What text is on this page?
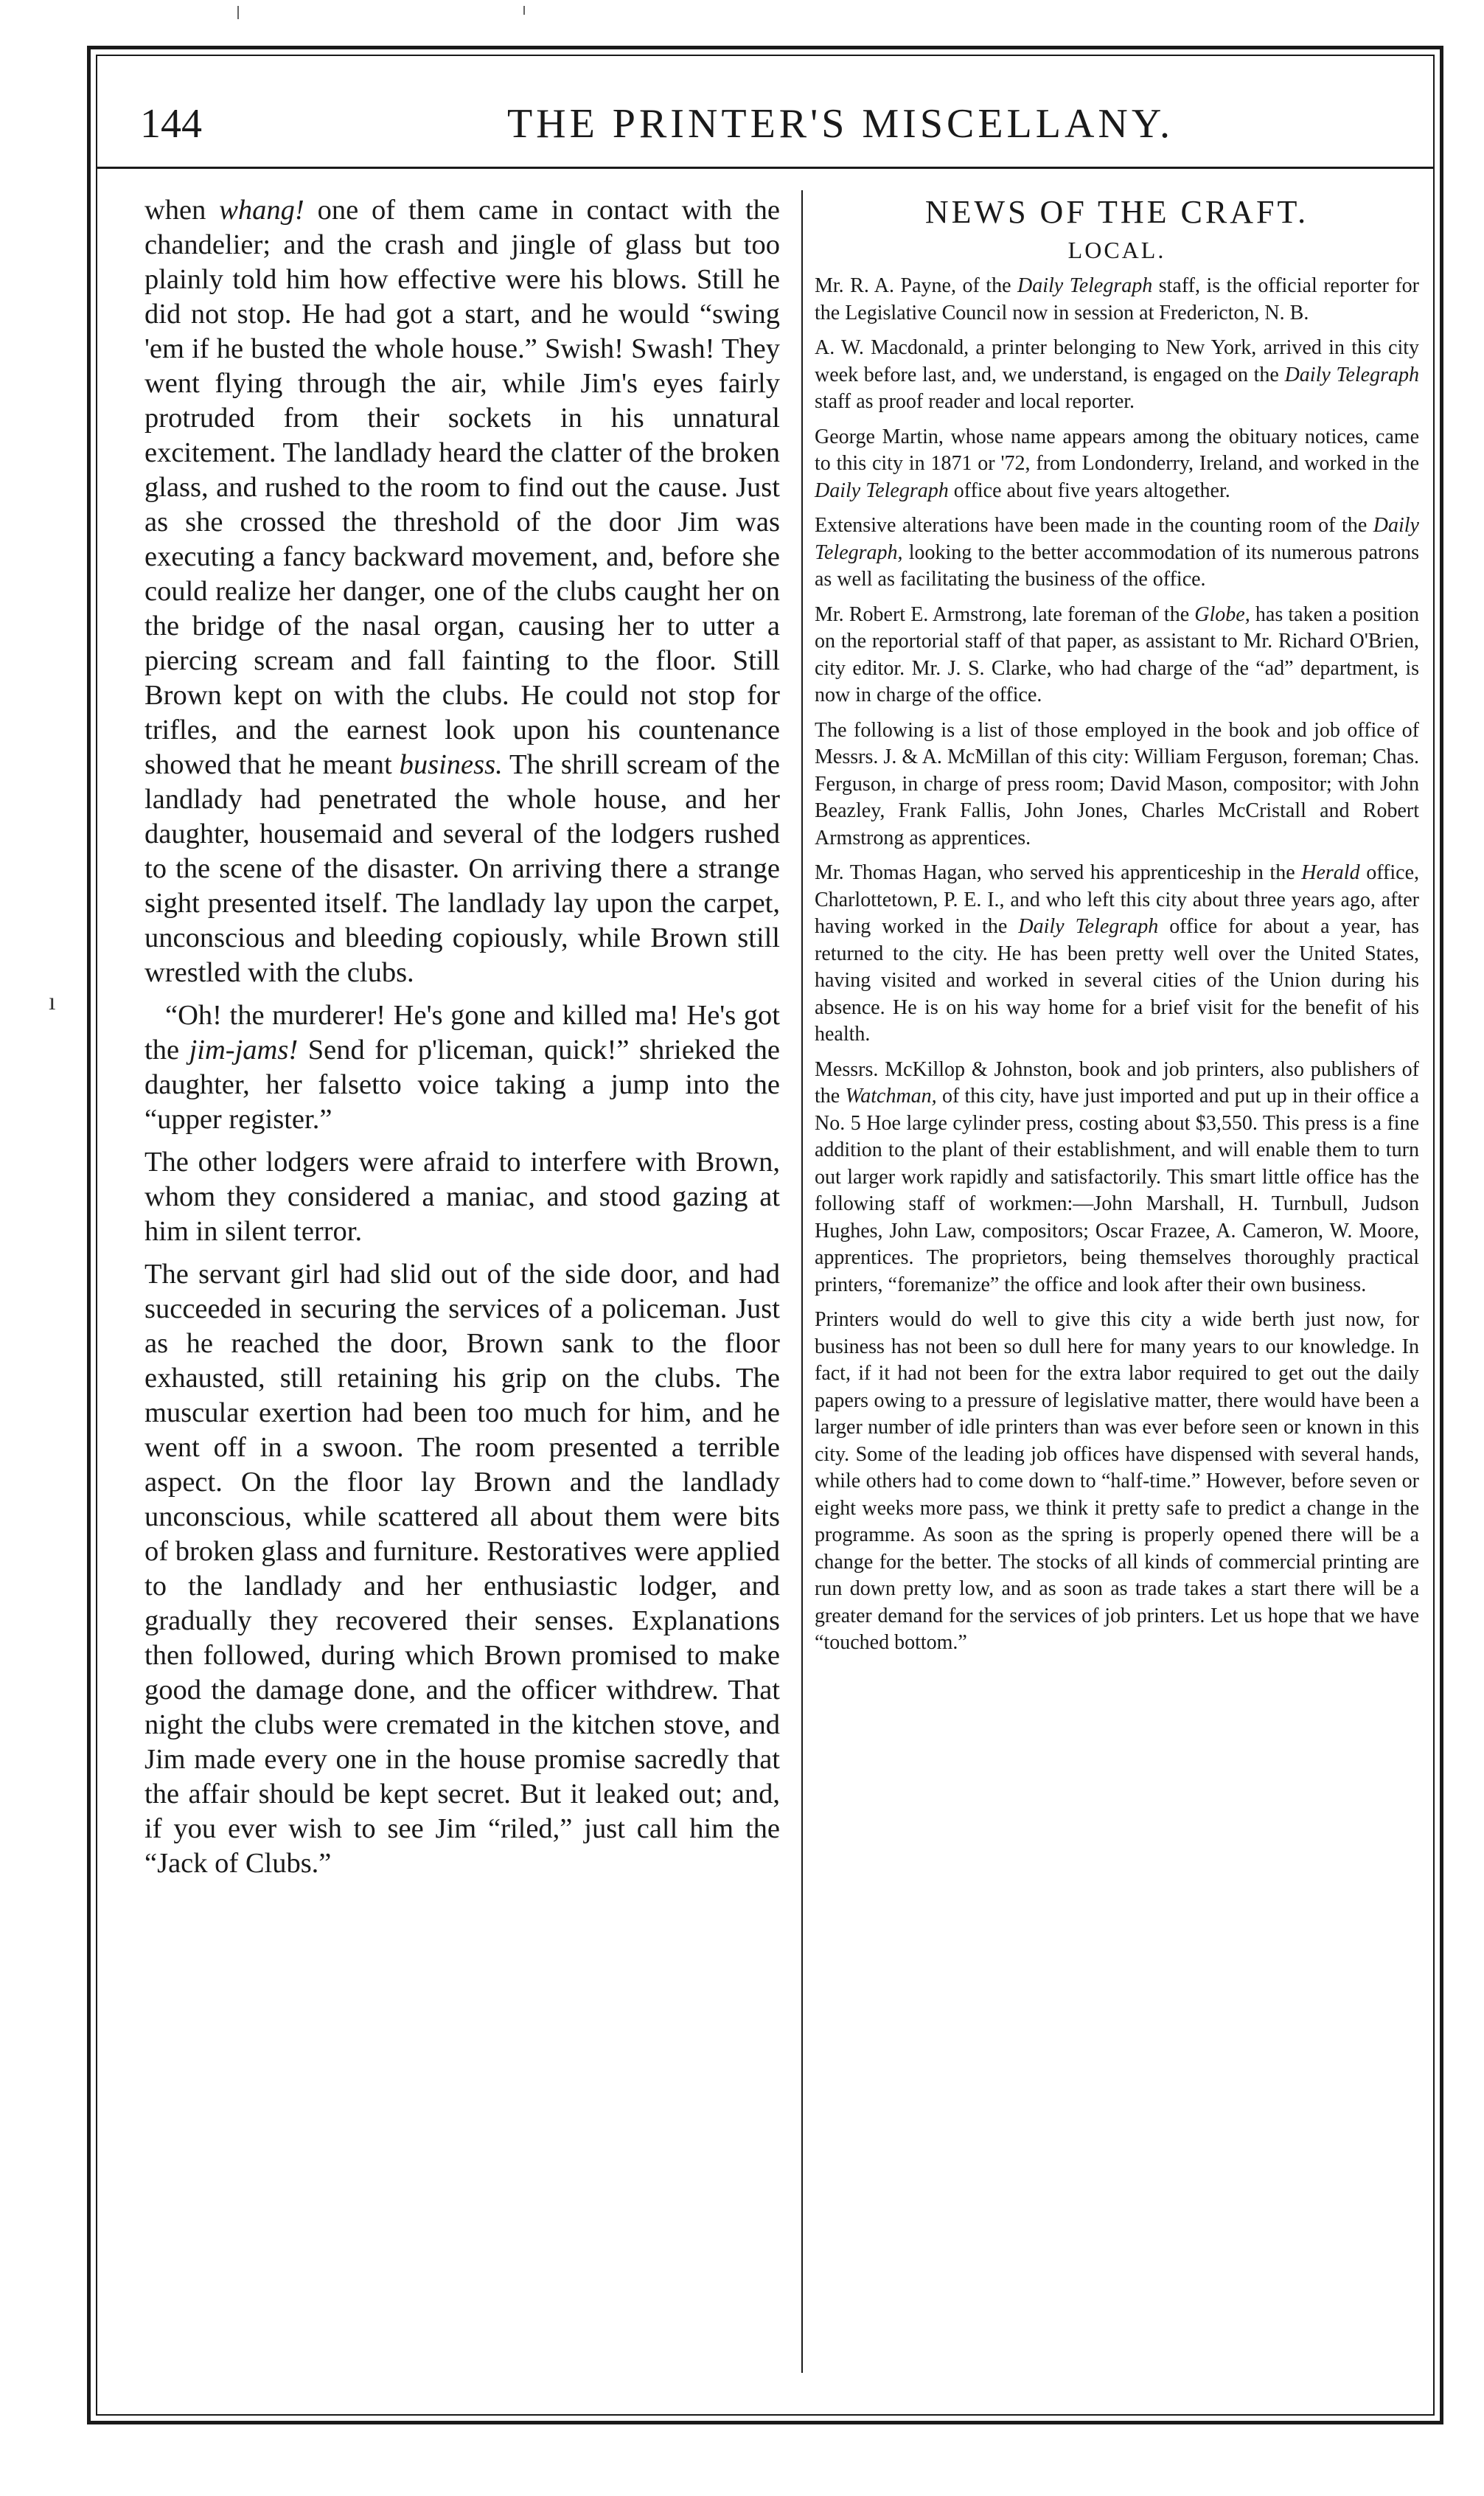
144	THE PRINTER'S MISCELLANY.
ı

when whang! one of them came in contact with the chandelier; and the crash and jingle of glass but too plainly told him how effective were his blows. Still he did not stop. He had got a start, and he would “swing 'em if he busted the whole house.” Swish! Swash! They went flying through the air, while Jim's eyes fairly protruded from their sockets in his unnatural excitement. The landlady heard the clatter of the broken glass, and rushed to the room to find out the cause. Just as she crossed the threshold of the door Jim was executing a fancy backward movement, and, before she could realize her danger, one of the clubs caught her on the bridge of the nasal organ, causing her to utter a piercing scream and fall fainting to the floor. Still Brown kept on with the clubs. He could not stop for trifles, and the earnest look upon his countenance showed that he meant business. The shrill scream of the landlady had penetrated the whole house, and her daughter, housemaid and several of the lodgers rushed to the scene of the disaster. On arriving there a strange sight presented itself. The landlady lay upon the carpet, unconscious and bleeding copiously, while Brown still wrestled with the clubs.

“Oh! the murderer! He's gone and killed ma! He's got the jim-jams! Send for p'liceman, quick!” shrieked the daughter, her falsetto voice taking a jump into the “upper register.”

The other lodgers were afraid to interfere with Brown, whom they considered a maniac, and stood gazing at him in silent terror.

The servant girl had slid out of the side door, and had succeeded in securing the services of a policeman. Just as he reached the door, Brown sank to the floor exhausted, still retaining his grip on the clubs. The muscular exertion had been too much for him, and he went off in a swoon. The room presented a terrible aspect. On the floor lay Brown and the landlady unconscious, while scattered all about them were bits of broken glass and furniture. Restoratives were applied to the landlady and her enthusiastic lodger, and gradually they recovered their senses. Explanations then followed, during which Brown promised to make good the damage done, and the officer withdrew. That night the clubs were cremated in the kitchen stove, and Jim made every one in the house promise sacredly that the affair should be kept secret. But it leaked out; and, if you ever wish to see Jim “riled,” just call him the “Jack of Clubs.”

NEWS OF THE CRAFT.
LOCAL.

Mr. R. A. Payne, of the Daily Telegraph staff, is the official reporter for the Legislative Council now in session at Fredericton, N. B.

A. W. Macdonald, a printer belonging to New York, arrived in this city week before last, and, we understand, is engaged on the Daily Telegraph staff as proof reader and local reporter.

George Martin, whose name appears among the obituary notices, came to this city in 1871 or '72, from Londonderry, Ireland, and worked in the Daily Telegraph office about five years altogether.

Extensive alterations have been made in the counting room of the Daily Telegraph, looking to the better accommodation of its numerous patrons as well as facilitating the business of the office.

Mr. Robert E. Armstrong, late foreman of the Globe, has taken a position on the reportorial staff of that paper, as assistant to Mr. Richard O'Brien, city editor. Mr. J. S. Clarke, who had charge of the “ad” department, is now in charge of the office.

The following is a list of those employed in the book and job office of Messrs. J. & A. McMillan of this city: William Ferguson, foreman; Chas. Ferguson, in charge of press room; David Mason, compositor; with John Beazley, Frank Fallis, John Jones, Charles McCristall and Robert Armstrong as apprentices.

Mr. Thomas Hagan, who served his apprenticeship in the Herald office, Charlottetown, P. E. I., and who left this city about three years ago, after having worked in the Daily Telegraph office for about a year, has returned to the city. He has been pretty well over the United States, having visited and worked in several cities of the Union during his absence. He is on his way home for a brief visit for the benefit of his health.

Messrs. McKillop & Johnston, book and job printers, also publishers of the Watchman, of this city, have just imported and put up in their office a No. 5 Hoe large cylinder press, costing about $3,550. This press is a fine addition to the plant of their establishment, and will enable them to turn out larger work rapidly and satisfactorily. This smart little office has the following staff of workmen:—John Marshall, H. Turnbull, Judson Hughes, John Law, compositors; Oscar Frazee, A. Cameron, W. Moore, apprentices. The proprietors, being themselves thoroughly practical printers, “foremanize” the office and look after their own business.

Printers would do well to give this city a wide berth just now, for business has not been so dull here for many years to our knowledge. In fact, if it had not been for the extra labor required to get out the daily papers owing to a pressure of legislative matter, there would have been a larger number of idle printers than was ever before seen or known in this city. Some of the leading job offices have dispensed with several hands, while others had to come down to “half-time.” However, before seven or eight weeks more pass, we think it pretty safe to predict a change in the programme. As soon as the spring is properly opened there will be a change for the better. The stocks of all kinds of commercial printing are run down pretty low, and as soon as trade takes a start there will be a greater demand for the services of job printers. Let us hope that we have “touched bottom.”
